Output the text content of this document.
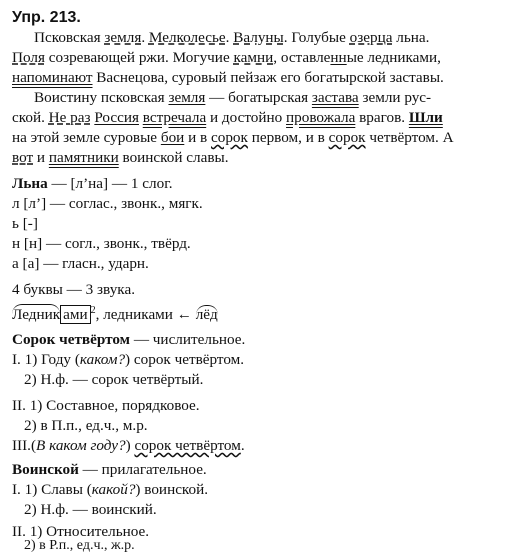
Упр. 213.
Псковская земля. Мелколесье. Валуны. Голубые озерца льна.
Поля созревающей ржи. Могучие камни, оставленные ледниками,
напоминают Васнецова, суровый пейзаж его богатырской заставы.
Воистину псковская земля — богатырская застава земли рус-
ской. Не раз Россия встречала и достойно провожала врагов. Шли
на этой земле суровые бои и в сорок первом, и в сорок четвёртом. А
вот и памятники воинской славы.
Льна — [л’на] — 1 слог.
л [л’] — соглас., звонк., мягк.
ь [-]
н [н] — согл., звонк., твёрд.
а [а] — гласн., ударн.
4 буквы — 3 звука.
Ледник ами $^2$, ледниками ← лёд
Сорок четвёртом — числительное.
I. 1) Году (каком?) сорок четвёртом.
2) Н.ф. — сорок четвёртый.
II. 1) Составное, порядковое.
2) в П.п., ед.ч., м.р.
III.(В каком году?) сорок четвёртом.
Воинской — прилагательное.
I. 1) Славы (какой?) воинской.
2) Н.ф. — воинский.
II. 1) Относительное.
2) в Р.п., ед.ч., ж.р.
